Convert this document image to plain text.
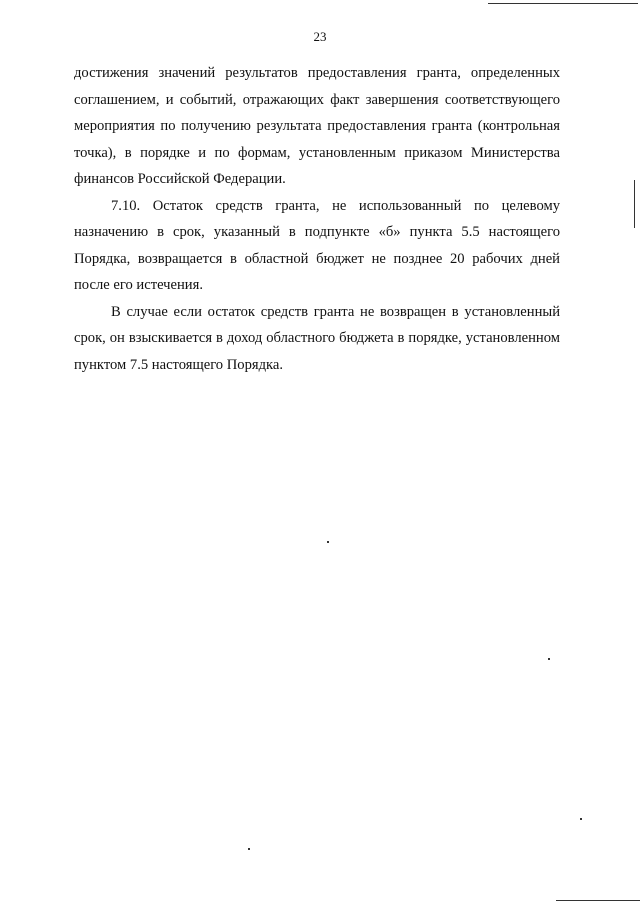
23

достижения значений результатов предоставления гранта, определенных соглашением, и событий, отражающих факт завершения соответствующего мероприятия по получению результата предоставления гранта (контрольная точка), в порядке и по формам, установленным приказом Министерства финансов Российской Федерации.

7.10. Остаток средств гранта, не использованный по целевому назначению в срок, указанный в подпункте «б» пункта 5.5 настоящего Порядка, возвращается в областной бюджет не позднее 20 рабочих дней после его истечения.

В случае если остаток средств гранта не возвращен в установленный срок, он взыскивается в доход областного бюджета в порядке, установленном пунктом 7.5 настоящего Порядка.
